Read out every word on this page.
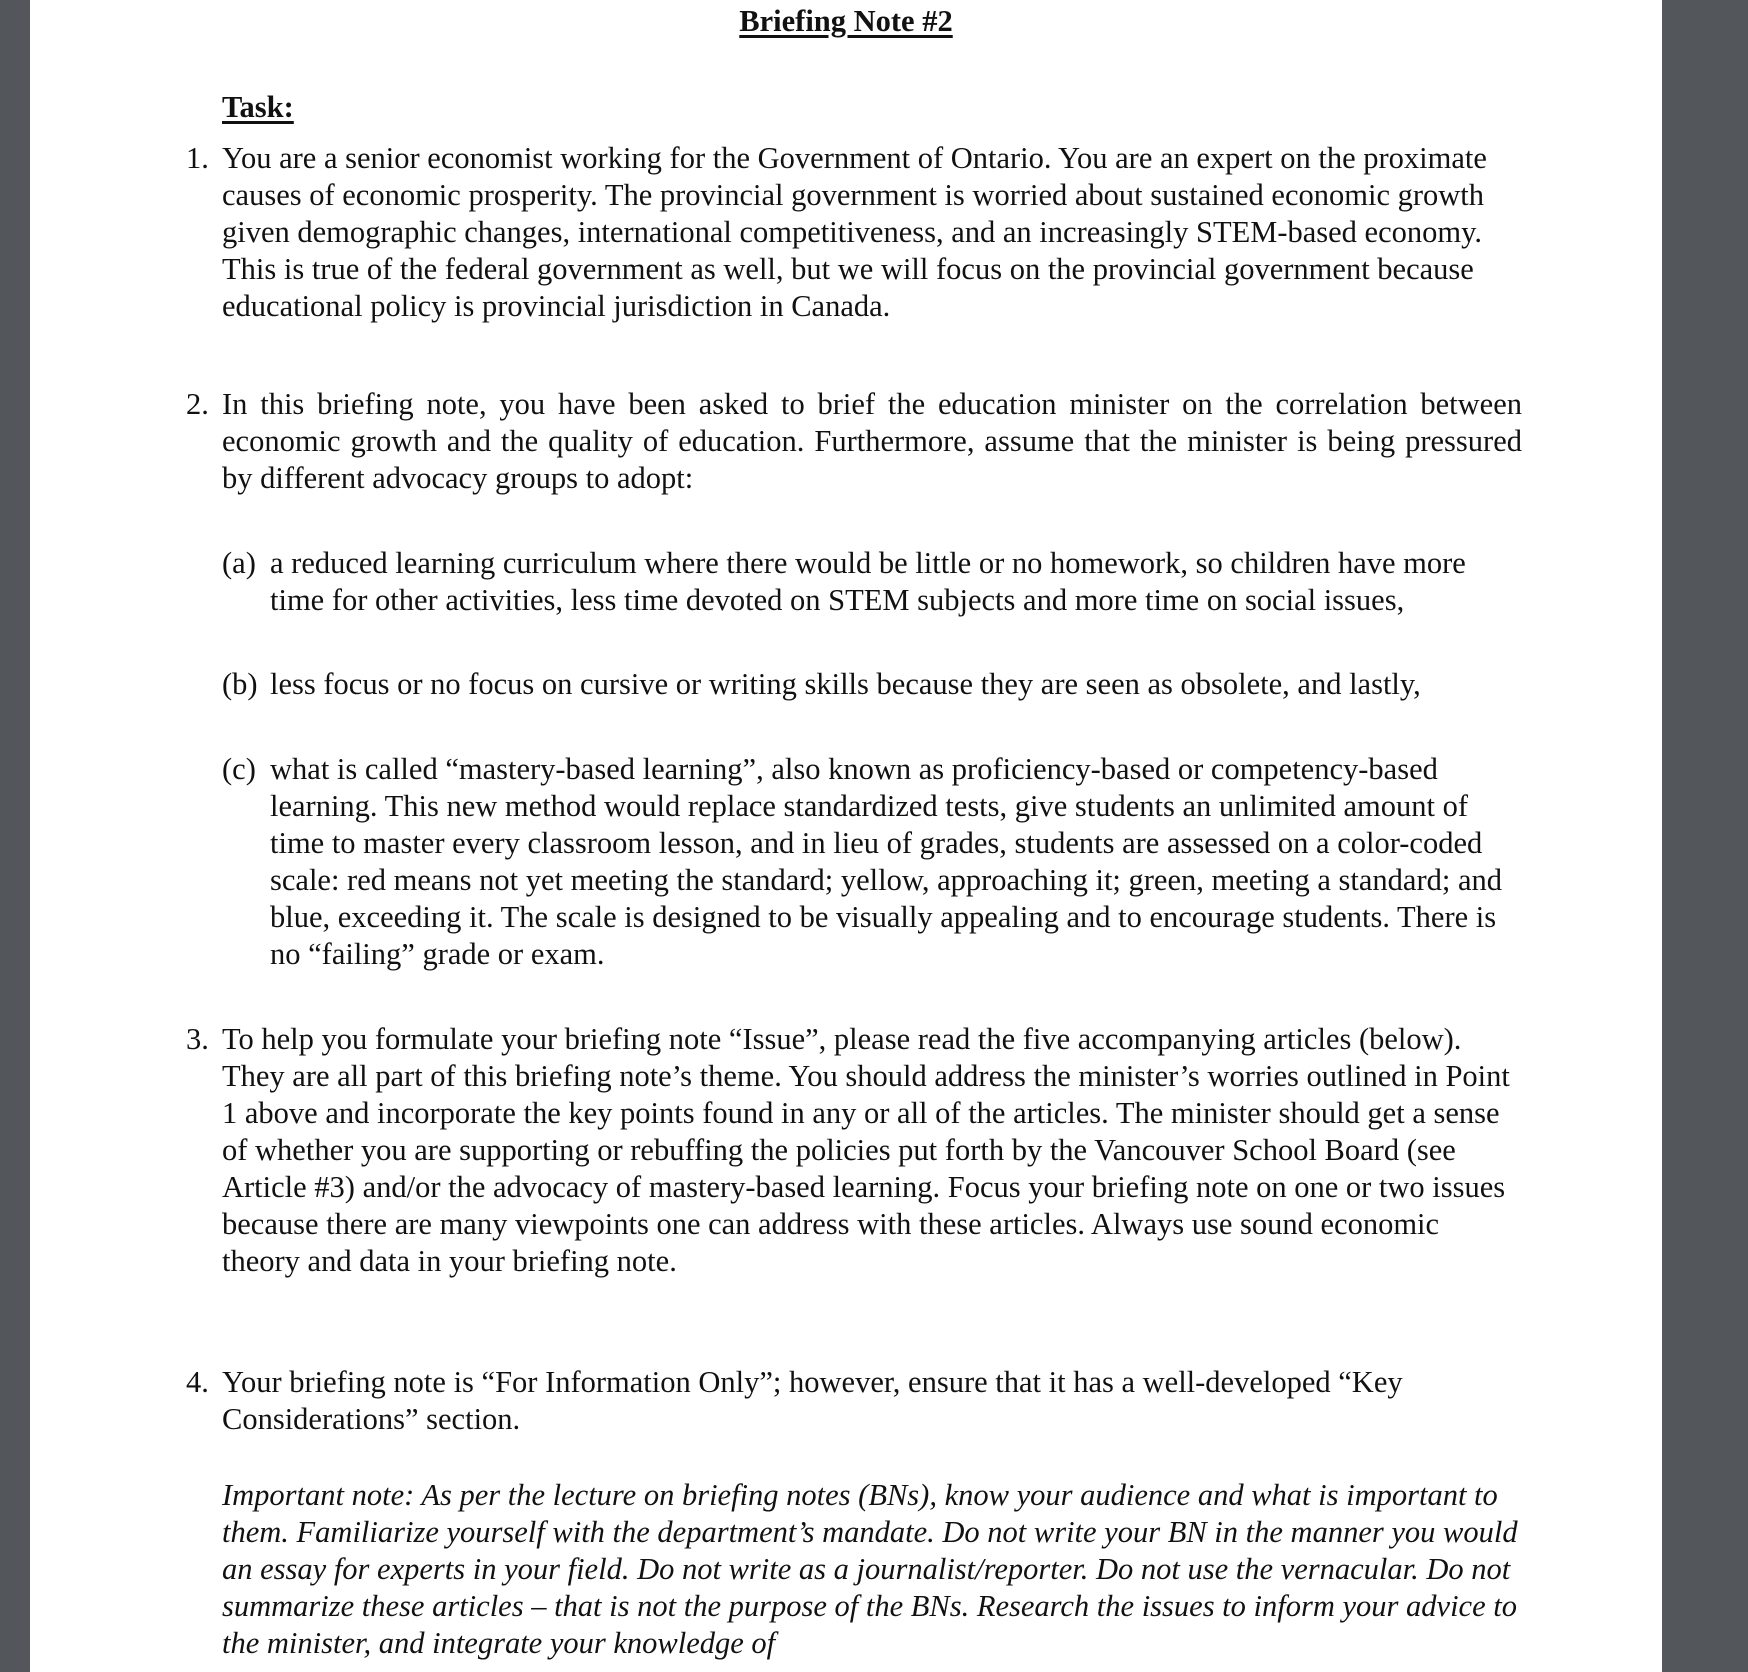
Briefing Note #2
Task:
1. You are a senior economist working for the Government of Ontario. You are an expert on the proximate causes of economic prosperity. The provincial government is worried about sustained economic growth given demographic changes, international competitiveness, and an increasingly STEM-based economy. This is true of the federal government as well, but we will focus on the provincial government because educational policy is provincial jurisdiction in Canada.

2. In this briefing note, you have been asked to brief the education minister on the correlation between economic growth and the quality of education. Furthermore, assume that the minister is being pressured by different advocacy groups to adopt:

(a) a reduced learning curriculum where there would be little or no homework, so children have more time for other activities, less time devoted on STEM subjects and more time on social issues,

(b) less focus or no focus on cursive or writing skills because they are seen as obsolete, and lastly,

(c) what is called “mastery-based learning”, also known as proficiency-based or competency-based learning. This new method would replace standardized tests, give students an unlimited amount of time to master every classroom lesson, and in lieu of grades, students are assessed on a color-coded scale: red means not yet meeting the standard; yellow, approaching it; green, meeting a standard; and blue, exceeding it. The scale is designed to be visually appealing and to encourage students. There is no “failing” grade or exam.

3. To help you formulate your briefing note “Issue”, please read the five accompanying articles (below). They are all part of this briefing note’s theme. You should address the minister’s worries outlined in Point 1 above and incorporate the key points found in any or all of the articles. The minister should get a sense of whether you are supporting or rebuffing the policies put forth by the Vancouver School Board (see Article #3) and/or the advocacy of mastery-based learning. Focus your briefing note on one or two issues because there are many viewpoints one can address with these articles. Always use sound economic theory and data in your briefing note.

4. Your briefing note is “For Information Only”; however, ensure that it has a well-developed “Key Considerations” section.

Important note: As per the lecture on briefing notes (BNs), know your audience and what is important to them. Familiarize yourself with the department’s mandate. Do not write your BN in the manner you would an essay for experts in your field. Do not write as a journalist/reporter. Do not use the vernacular. Do not summarize these articles – that is not the purpose of the BNs. Research the issues to inform your advice to the minister, and integrate your knowledge of
